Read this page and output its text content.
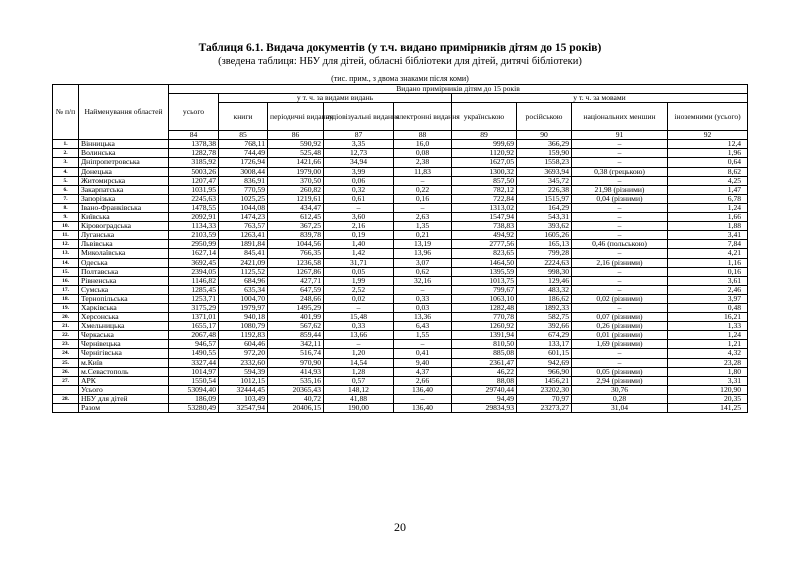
Таблиця 6.1. Видача документів (у т.ч. видано примірників дітям до 15 років)
(зведена таблиця: НБУ для дітей, обласні бібліотеки для дітей, дитячі бібліотеки)
(тис. прим., з двома знаками після коми)
№ п/п	Найменування областей	Видано примірників дітям до 15 років								
		усього	у т. ч. за видами видань				у т. ч. за мовами			
			книги	періодичні видання	аудіовізуальні видання	електронні видання	українською	російською	національних меншин	іноземними (усього)
		84	85	86	87	88	89	90	91	92
1.	Вінницька	1378,38	768,11	590,92	3,35	16,0	999,69	366,29	–	12,4
2.	Волинська	1282,78	744,49	525,48	12,73	0,08	1120,92	159,90	–	1,96
3.	Дніпропетровська	3185,92	1726,94	1421,66	34,94	2,38	1627,05	1558,23	–	0,64
4.	Донецька	5003,26	3008,44	1979,00	3,99	11,83	1300,32	3693,94	0,38 (грецькою)	8,62
5.	Житомирська	1207,47	836,91	370,50	0,06	–	857,50	345,72	–	4,25
6.	Закарпатська	1031,95	770,59	260,82	0,32	0,22	782,12	226,38	21,98 (різними)	1,47
7.	Запорізька	2245,63	1025,25	1219,61	0,61	0,16	722,84	1515,97	0,04 (різними)	6,78
8.	Івано-Франківська	1478,55	1044,08	434,47	–	–	1313,02	164,29	–	1,24
9.	Київська	2092,91	1474,23	612,45	3,60	2,63	1547,94	543,31	–	1,66
10.	Кіровоградська	1134,33	763,57	367,25	2,16	1,35	738,83	393,62	–	1,88
11.	Луганська	2103,59	1263,41	839,78	0,19	0,21	494,92	1605,26	–	3,41
12.	Львівська	2950,99	1891,84	1044,56	1,40	13,19	2777,56	165,13	0,46 (польською)	7,84
13.	Миколаївська	1627,14	845,41	766,35	1,42	13,96	823,65	799,28	–	4,21
14.	Одеська	3692,45	2421,09	1236,58	31,71	3,07	1464,50	2224,63	2,16 (різними)	1,16
15.	Полтавська	2394,05	1125,52	1267,86	0,05	0,62	1395,59	998,30	–	0,16
16.	Рівненська	1146,82	684,96	427,71	1,99	32,16	1013,75	129,46	–	3,61
17.	Сумська	1285,45	635,34	647,59	2,52	–	799,67	483,32	–	2,46
18.	Тернопільська	1253,71	1004,70	248,66	0,02	0,33	1063,10	186,62	0,02 (різними)	3,97
19.	Харківська	3175,29	1979,97	1495,29	–	0,03	1282,48	1892,33	–	0,48
20.	Херсонська	1371,01	940,18	401,99	15,48	13,36	770,78	582,75	0,07 (різними)	16,21
21.	Хмельницька	1655,17	1080,79	567,62	0,33	6,43	1260,92	392,66	0,26 (різними)	1,33
22.	Черкаська	2067,48	1192,83	859,44	13,66	1,55	1391,94	674,29	0,01 (різними)	1,24
23.	Чернівецька	946,57	604,46	342,11	–	–	810,50	133,17	1,69 (різними)	1,21
24.	Чернігівська	1490,55	972,20	516,74	1,20	0,41	885,08	601,15	–	4,32
25.	м.Київ	3327,44	2332,60	970,90	14,54	9,40	2361,47	942,69	–	23,28
26.	м.Севастополь	1014,97	594,39	414,93	1,28	4,37	46,22	966,90	0,05 (різними)	1,80
27.	АРК	1550,54	1012,15	535,16	0,57	2,66	88,08	1456,21	2,94 (різними)	3,31
	Усього	53094,40	32444,45	20365,43	148,12	136,40	29740,44	23202,30	30,76	120,90
28.	НБУ для дітей	186,09	103,49	40,72	41,88	–	94,49	70,97	0,28	20,35
	Разом	53280,49	32547,94	20406,15	190,00	136,40	29834,93	23273,27	31,04	141,25
20
